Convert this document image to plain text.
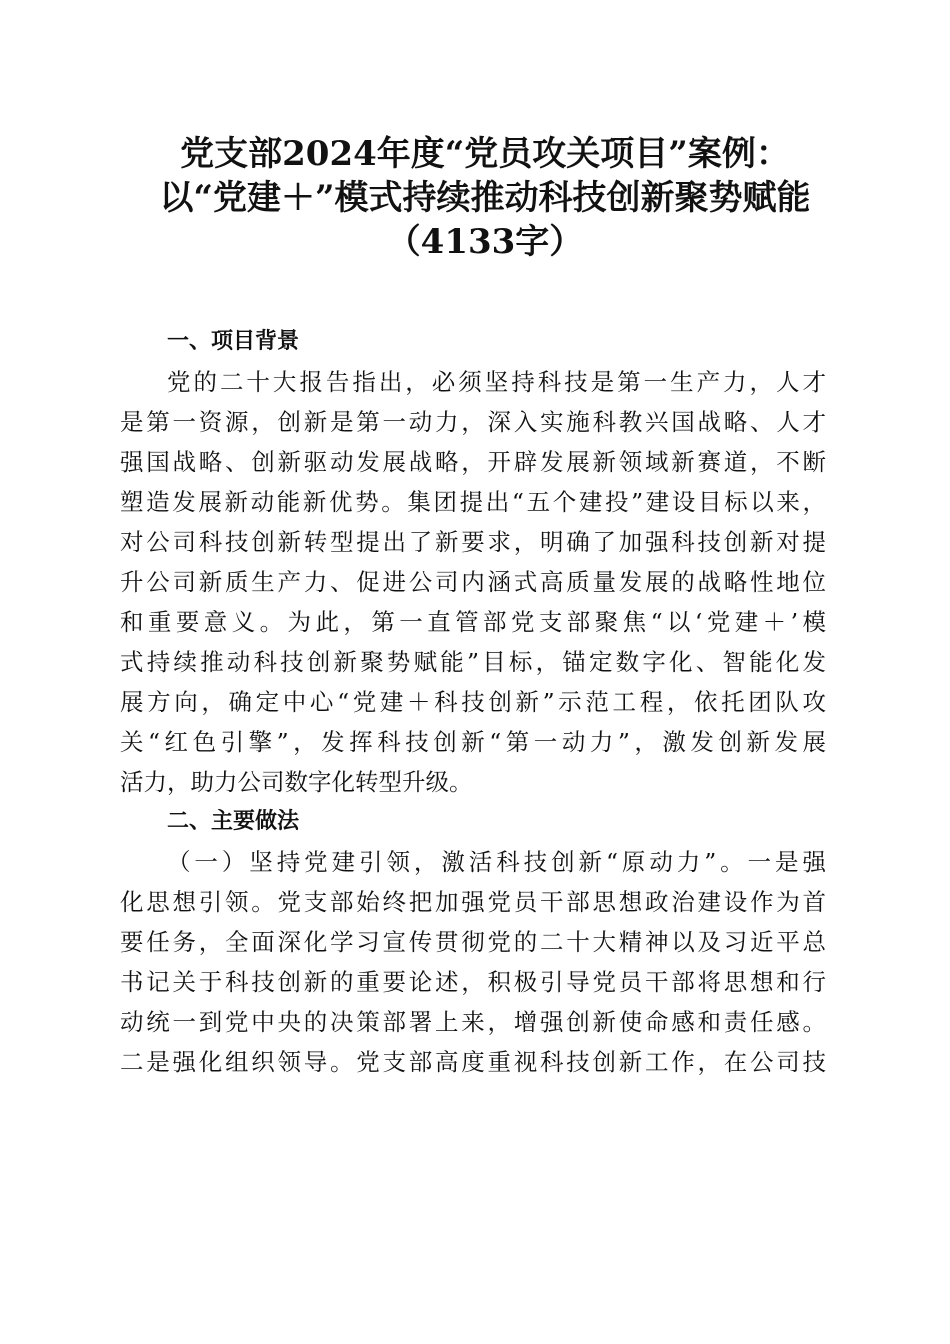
党支部2024年度“党员攻关项目”案例：
以“党建＋”模式持续推动科技创新聚势赋能
（4133字）
一、项目背景
党的二十大报告指出，必须坚持科技是第一生产力，人才
是第一资源，创新是第一动力，深入实施科教兴国战略、人才
强国战略、创新驱动发展战略，开辟发展新领域新赛道，不断
塑造发展新动能新优势。集团提出“五个建投”建设目标以来，
对公司科技创新转型提出了新要求，明确了加强科技创新对提
升公司新质生产力、促进公司内涵式高质量发展的战略性地位
和重要意义。为此，第一直管部党支部聚焦“以‘党建＋’模
式持续推动科技创新聚势赋能”目标，锚定数字化、智能化发
展方向，确定中心“党建＋科技创新”示范工程，依托团队攻
关“红色引擎”，发挥科技创新“第一动力”，激发创新发展
活力，助力公司数字化转型升级。
二、主要做法
（一）坚持党建引领，激活科技创新“原动力”。一是强
化思想引领。党支部始终把加强党员干部思想政治建设作为首
要任务，全面深化学习宣传贯彻党的二十大精神以及习近平总
书记关于科技创新的重要论述，积极引导党员干部将思想和行
动统一到党中央的决策部署上来，增强创新使命感和责任感。
二是强化组织领导。党支部高度重视科技创新工作，在公司技
